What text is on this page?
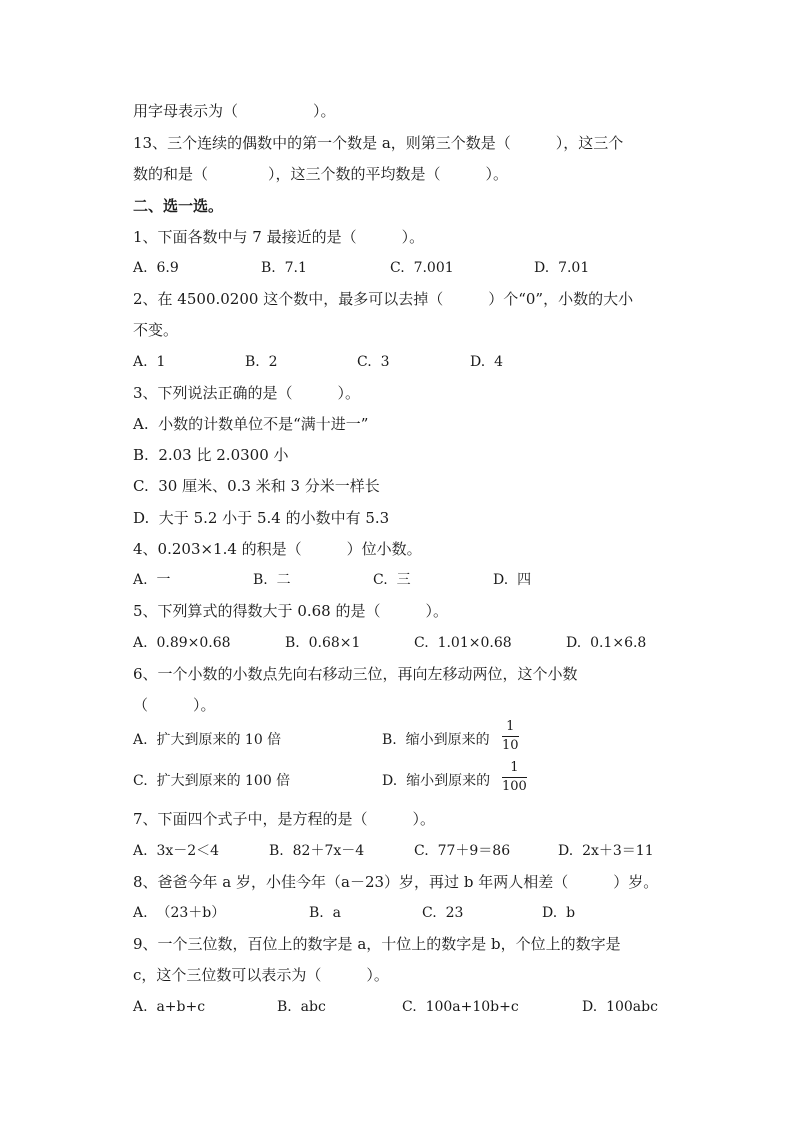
用字母表示为（　　　　　）。
13、三个连续的偶数中的第一个数是 a，则第三个数是（　　　），这三个
数的和是（　　　　），这三个数的平均数是（　　　）。
二、选一选。
1、下面各数中与 7 最接近的是（　　　）。
A.  6.9	B.  7.1	C.  7.001	D.  7.01
2、在 4500.0200 这个数中，最多可以去掉（　　　）个“0”，小数的大小
不变。
A.  1	B.  2	C.  3	D.  4
3、下列说法正确的是（　　　）。
A.  小数的计数单位不是“满十进一”
B.  2.03 比 2.0300 小
C.  30 厘米、0.3 米和 3 分米一样长
D.  大于 5.2 小于 5.4 的小数中有 5.3
4、0.203×1.4 的积是（　　　）位小数。
A.  一	B.  二	C.  三	D.  四
5、下列算式的得数大于 0.68 的是（　　　）。
A.  0.89×0.68	B.  0.68×1	C.  1.01×0.68	D.  0.1×6.8
6、一个小数的小数点先向右移动三位，再向左移动两位，这个小数
（　　　）。
A.  扩大到原来的 10 倍	B.  缩小到原来的
1
10
C.  扩大到原来的 100 倍	D.  缩小到原来的
1
100
7、下面四个式子中，是方程的是（　　　）。
A.  3x－2＜4	B.  82＋7x－4	C.  77＋9＝86	D.  2x＋3＝11
8、爸爸今年 a 岁，小佳今年（a－23）岁，再过 b 年两人相差（　　　）岁。
A.  （23＋b）	B.  a	C.  23	D.  b
9、一个三位数，百位上的数字是 a，十位上的数字是 b，个位上的数字是
c，这个三位数可以表示为（　　　）。
A.  a+b+c	B.  abc	C.  100a+10b+c	D.  100abc
